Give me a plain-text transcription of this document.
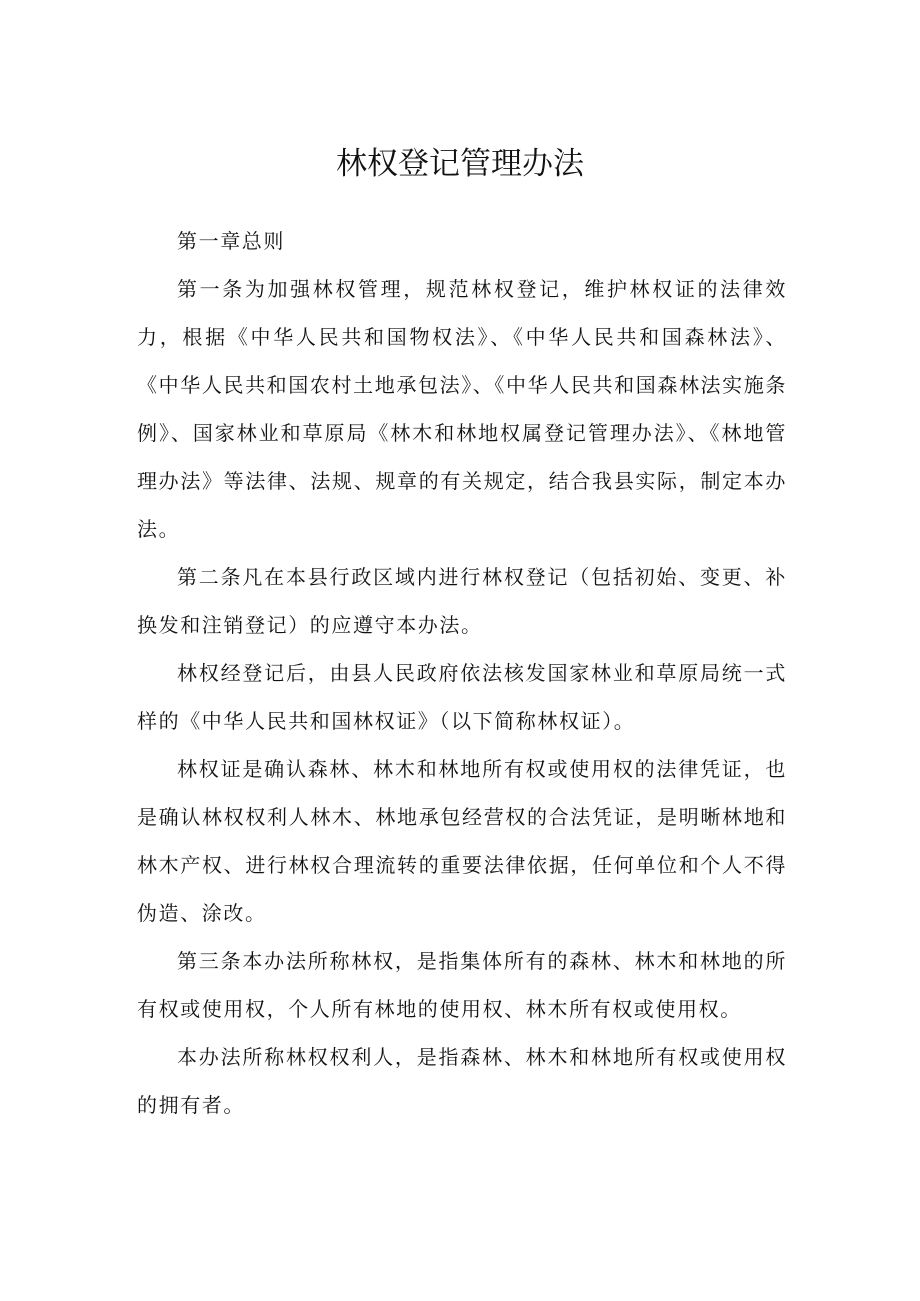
林权登记管理办法

第一章总则

第一条为加强林权管理，规范林权登记，维护林权证的法律效力，根据《中华人民共和国物权法》、《中华人民共和国森林法》、《中华人民共和国农村土地承包法》、《中华人民共和国森林法实施条例》、国家林业和草原局《林木和林地权属登记管理办法》、《林地管理办法》等法律、法规、规章的有关规定，结合我县实际，制定本办法。

第二条凡在本县行政区域内进行林权登记（包括初始、变更、补换发和注销登记）的应遵守本办法。

林权经登记后，由县人民政府依法核发国家林业和草原局统一式样的《中华人民共和国林权证》（以下简称林权证）。

林权证是确认森林、林木和林地所有权或使用权的法律凭证，也是确认林权权利人林木、林地承包经营权的合法凭证，是明晰林地和林木产权、进行林权合理流转的重要法律依据，任何单位和个人不得伪造、涂改。

第三条本办法所称林权，是指集体所有的森林、林木和林地的所有权或使用权，个人所有林地的使用权、林木所有权或使用权。

本办法所称林权权利人，是指森林、林木和林地所有权或使用权的拥有者。
